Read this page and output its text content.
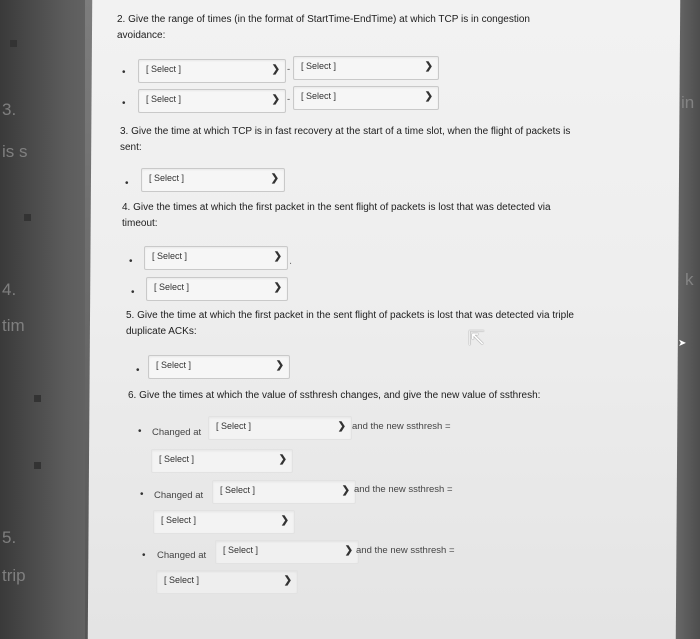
3.
is s
4.
tim
5.
trip
in
k
2. Give the range of times (in the format of StartTime-EndTime) at which TCP is in congestion avoidance:
• [ Select ]	❯ - [ Select ]	❯
• [ Select ]	❯ - [ Select ]	❯
3. Give the time at which TCP is in fast recovery at the start of a time slot, when the flight of packets is sent:
• [ Select ]	❯
4. Give the times at which the first packet in the sent flight of packets is lost that was detected via timeout:
• [ Select ]	❯ .
• [ Select ]	❯
5. Give the time at which the first packet in the sent flight of packets is lost that was detected via triple duplicate ACKs:
• [ Select ]	❯
6. Give the times at which the value of ssthresh changes, and give the new value of ssthresh:
• Changed at
[ Select ]	❯ and the new ssthresh =
[ Select ]	❯
• Changed at [ Select ]	❯ and the new ssthresh =
[ Select ]	❯
• Changed at [ Select ]	❯ and the new ssthresh =
[ Select ]	❯
⇱	➤
